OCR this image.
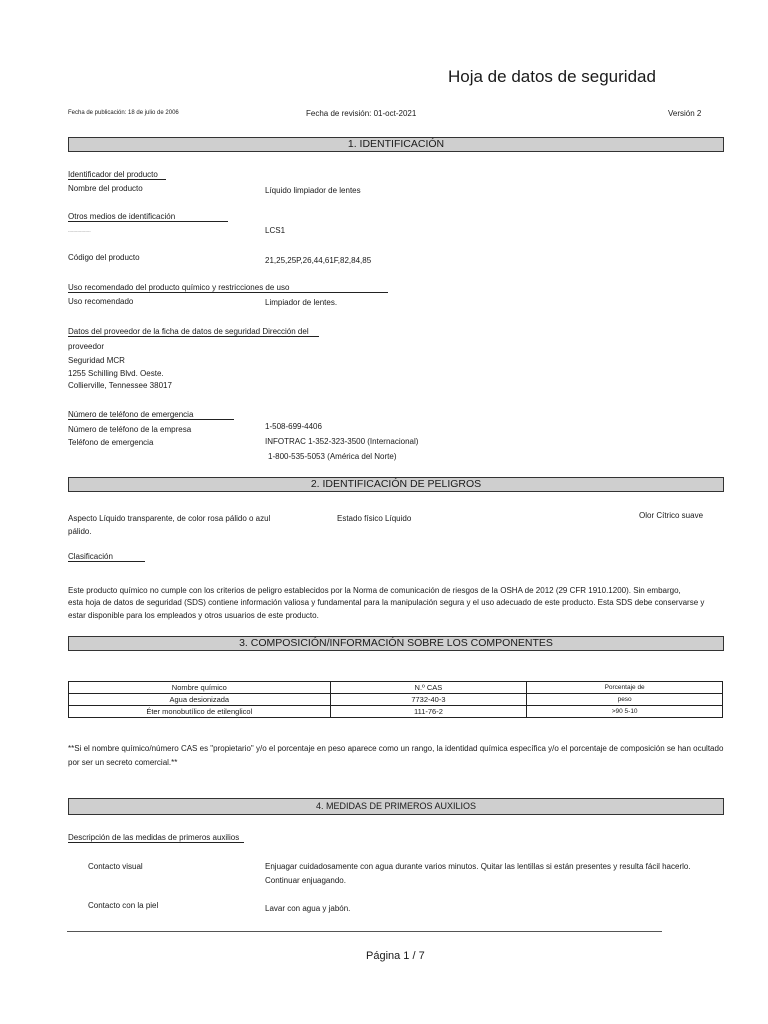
Hoja de datos de seguridad
Fecha de publicación: 18 de julio de 2006	Fecha de revisión: 01-oct-2021	Versión 2
1. IDENTIFICACIÓN
Identificador del producto
Nombre del producto	Líquido limpiador de lentes
Otros medios de identificación
-----------------	LCS1
Código del producto	21,25,25P,26,44,61F,82,84,85
Uso recomendado del producto químico y restricciones de uso
Uso recomendado	Limpiador de lentes.
Datos del proveedor de la ficha de datos de seguridad Dirección del
proveedor
Seguridad MCR
1255 Schilling Blvd. Oeste.
Collierville, Tennessee 38017
Número de teléfono de emergencia
Número de teléfono de la empresa	1-508-699-4406
Teléfono de emergencia	INFOTRAC 1-352-323-3500 (Internacional)
1-800-535-5053 (América del Norte)
2. IDENTIFICACIÓN DE PELIGROS
Aspecto Líquido transparente, de color rosa pálido o azul
pálido.
Estado físico Líquido	Olor Cítrico suave
Clasificación
Este producto químico no cumple con los criterios de peligro establecidos por la Norma de comunicación de riesgos de la OSHA de 2012 (29 CFR 1910.1200). Sin embargo,
esta hoja de datos de seguridad (SDS) contiene información valiosa y fundamental para la manipulación segura y el uso adecuado de este producto. Esta SDS debe conservarse y
estar disponible para los empleados y otros usuarios de este producto.
3. COMPOSICIÓN/INFORMACIÓN SOBRE LOS COMPONENTES
Nombre químico	N.º CAS	Porcentaje de
Agua desionizada	7732-40-3	peso
Éter monobutílico de etilenglicol	111-76-2	>90 5-10
**Si el nombre químico/número CAS es "propietario" y/o el porcentaje en peso aparece como un rango, la identidad química específica y/o el porcentaje de composición se han ocultado
por ser un secreto comercial.**
4. MEDIDAS DE PRIMEROS AUXILIOS
Descripción de las medidas de primeros auxilios
Contacto visual	Enjuagar cuidadosamente con agua durante varios minutos. Quitar las lentillas si están presentes y resulta fácil hacerlo.
Continuar enjuagando.
Contacto con la piel	Lavar con agua y jabón.
Página 1 / 7
